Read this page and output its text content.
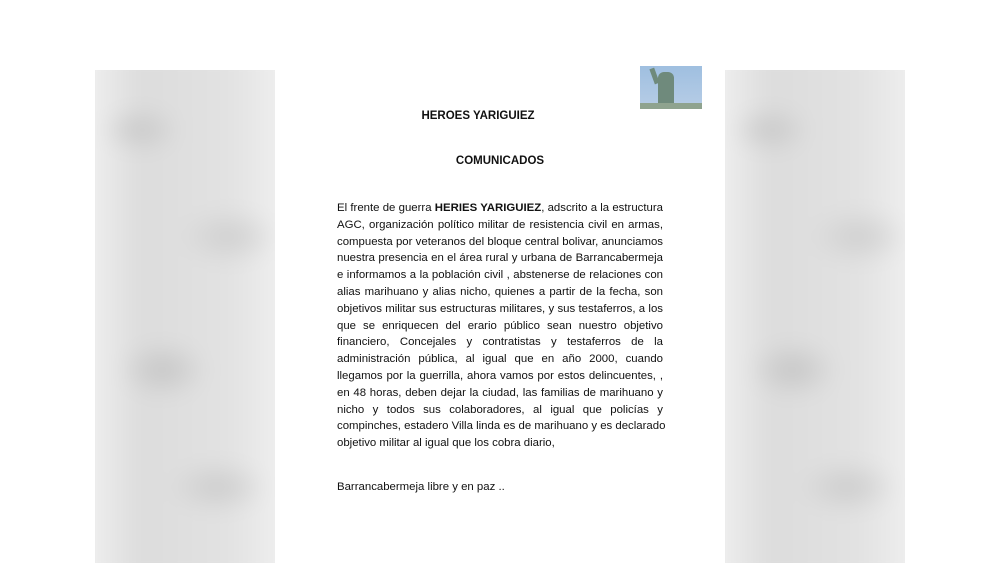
HEROES YARIGUIEZ
COMUNICADOS
El frente de guerra HERIES YARIGUIEZ, adscrito a la estructura
AGC, organización político militar de resistencia civil en armas,
compuesta por veteranos del bloque central bolivar, anunciamos
nuestra presencia en el área rural y urbana de Barrancabermeja
e informamos a la población civil , abstenerse de relaciones con
alias marihuano y alias nicho, quienes a partir de la fecha, son
objetivos militar sus estructuras militares, y sus testaferros, a los
que se enriquecen del erario público sean nuestro objetivo
financiero, Concejales y contratistas y testaferros de la
administración pública, al igual que en año 2000, cuando
llegamos por la guerrilla, ahora vamos por estos delincuentes, ,
en 48 horas, deben dejar la ciudad, las familias de marihuano y
nicho y todos sus colaboradores, al igual que policías y
compinches, estadero Villa linda es de marihuano y es declarado
objetivo militar al igual que los cobra diario,
Barrancabermeja libre y en paz ..
